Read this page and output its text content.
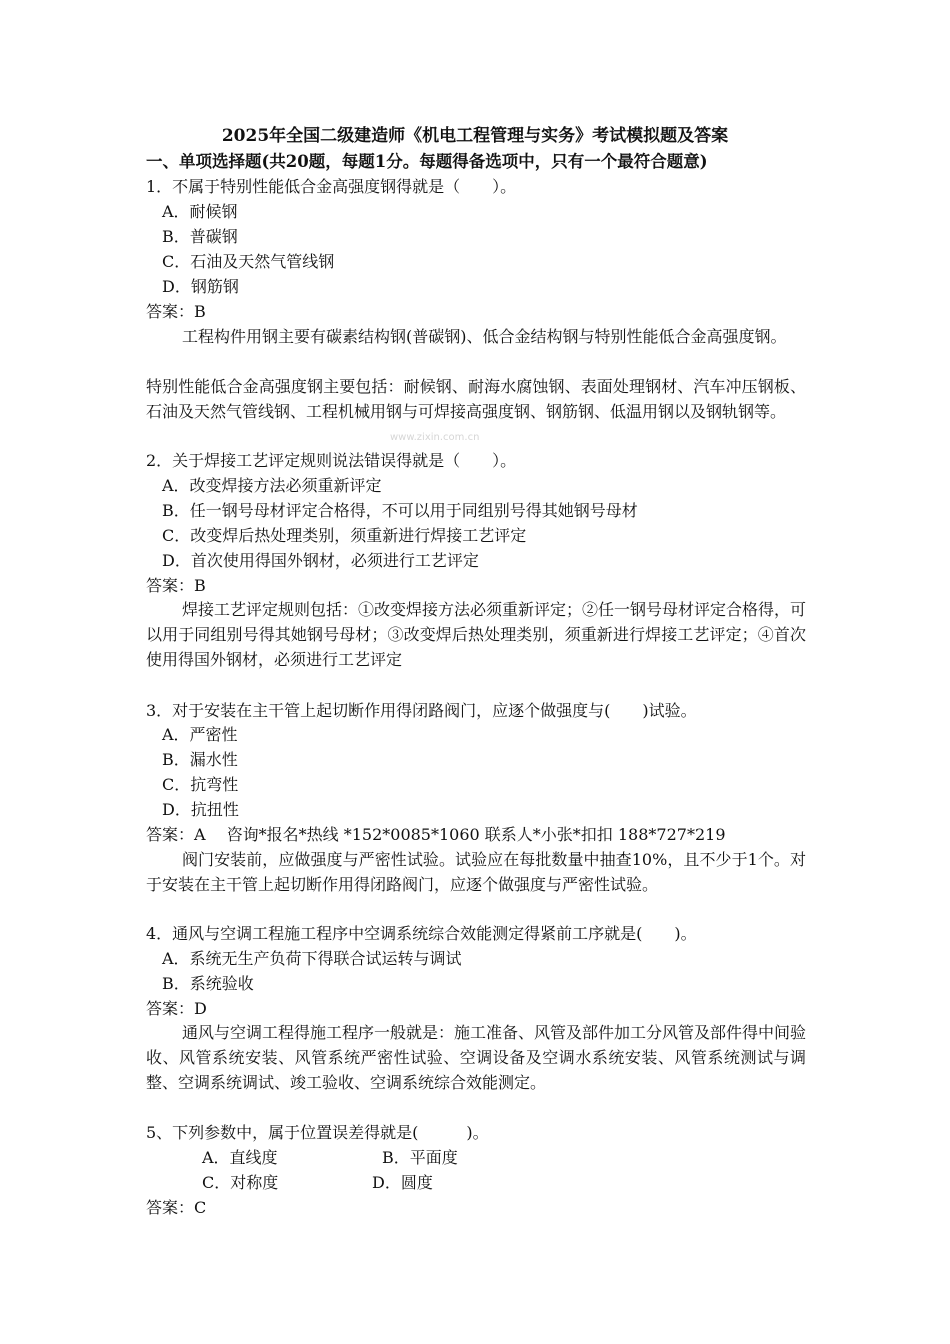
2025年全国二级建造师《机电工程管理与实务》考试模拟题及答案
一、单项选择题(共20题，每题1分。每题得备选项中，只有一个最符合题意)
1．不属于特别性能低合金高强度钢得就是（　　）。
A．耐候钢
B．普碳钢
C．石油及天然气管线钢
D．钢筋钢
答案：B
工程构件用钢主要有碳素结构钢(普碳钢)、低合金结构钢与特别性能低合金高强度钢。
特别性能低合金高强度钢主要包括：耐候钢、耐海水腐蚀钢、表面处理钢材、汽车冲压钢板、石油及天然气管线钢、工程机械用钢与可焊接高强度钢、钢筋钢、低温用钢以及钢轨钢等。
www.zixin.com.cn
2．关于焊接工艺评定规则说法错误得就是（　　）。
A．改变焊接方法必须重新评定
B．任一钢号母材评定合格得，不可以用于同组别号得其她钢号母材
C．改变焊后热处理类别，须重新进行焊接工艺评定
D．首次使用得国外钢材，必须进行工艺评定
答案：B
焊接工艺评定规则包括：①改变焊接方法必须重新评定；②任一钢号母材评定合格得，可以用于同组别号得其她钢号母材；③改变焊后热处理类别，须重新进行焊接工艺评定；④首次使用得国外钢材，必须进行工艺评定
3．对于安装在主干管上起切断作用得闭路阀门，应逐个做强度与(　　)试验。
A．严密性
B．漏水性
C．抗弯性
D．抗扭性
答案：A　 咨询*报名*热线 *152*0085*1060 联系人*小张*扣扣 188*727*219
阀门安装前，应做强度与严密性试验。试验应在每批数量中抽查10%，且不少于1个。对于安装在主干管上起切断作用得闭路阀门，应逐个做强度与严密性试验。
4．通风与空调工程施工程序中空调系统综合效能测定得紧前工序就是(　　)。
A．系统无生产负荷下得联合试运转与调试
B．系统验收
答案：D
通风与空调工程得施工程序一般就是：施工准备、风管及部件加工分风管及部件得中间验　收、风管系统安装、风管系统严密性试验、空调设备及空调水系统安装、风管系统测试与调整、空调系统调试、竣工验收、空调系统综合效能测定。
5、下列参数中，属于位置误差得就是(　　　)。
A．直线度	B．平面度
C．对称度	D．圆度
答案：C
